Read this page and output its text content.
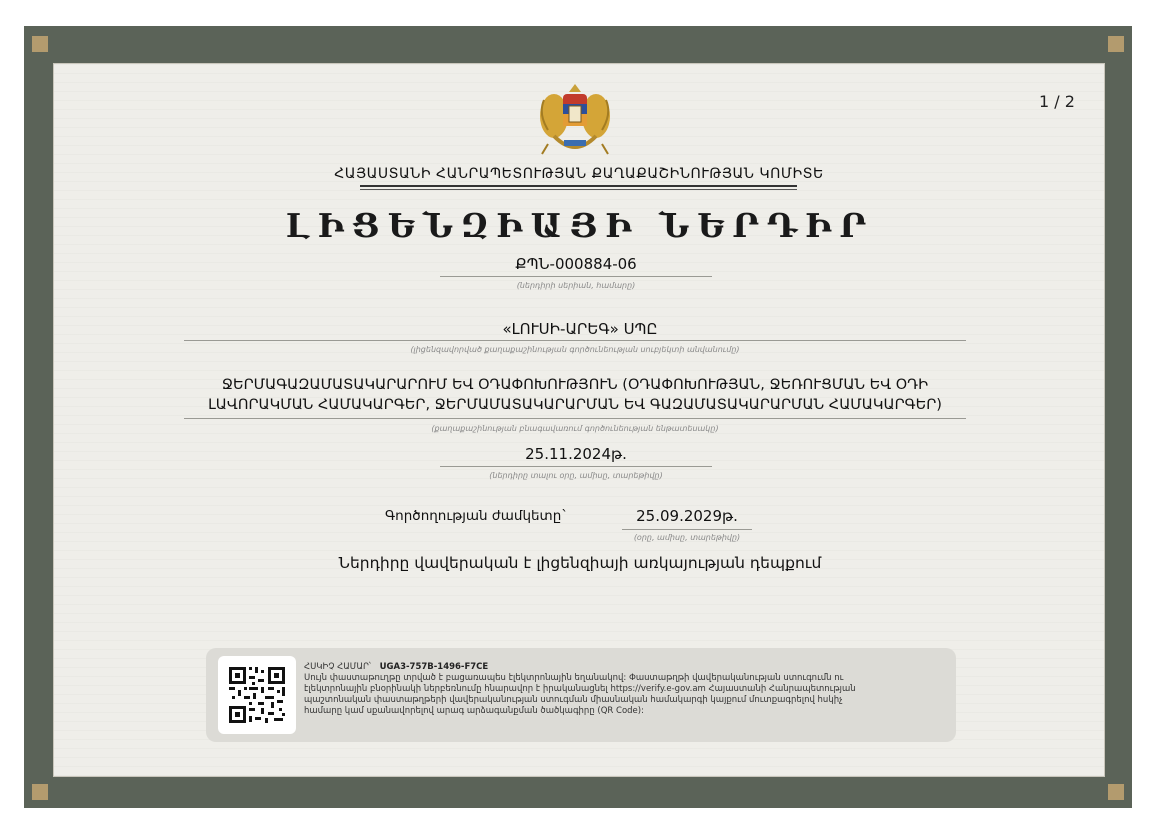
1 / 2
ՀԱՅԱՍՏԱՆԻ ՀԱՆՐԱՊԵՏՈՒԹՅԱՆ ՔԱՂԱՔԱՇԻՆՈՒԹՅԱՆ ԿՈՄԻՏԵ
ԼԻՑԵՆԶԻԱՅԻ ՆԵՐԴԻՐ
ՔՊՆ-000884-06
(ներդիրի սերիան, համարը)
«ԼՈՒՍԻ-ԱՐԵԳ» ՍՊԸ
(լիցենզավորված քաղաքաշինության գործունեության սուբյեկտի անվանումը)
ՋԵՐՄԱԳԱԶԱՄԱՏԱԿԱՐԱՐՈՒՄ ԵՎ ՕԴԱՓՈԽՈՒԹՅՈՒՆ (ՕԴԱՓՈԽՈՒԹՅԱՆ, ՋԵՌՈՒՑՄԱՆ ԵՎ ՕԴԻ
ԼԱՎՈՐԱԿՄԱՆ ՀԱՄԱԿԱՐԳԵՐ, ՋԵՐՄԱՄԱՏԱԿԱՐԱՐՄԱՆ ԵՎ ԳԱԶԱՄԱՏԱԿԱՐԱՐՄԱՆ ՀԱՄԱԿԱՐԳԵՐ)
(քաղաքաշինության բնագավառում գործունեության ենթատեսակը)
25.11.2024թ.
(ներդիրը տալու օրը, ամիսը, տարեթիվը)
Գործողության ժամկետը`	25.09.2029թ.
(օրը, ամիսը, տարեթիվը)
Ներդիրը վավերական է լիցենզիայի առկայության դեպքում
ՀՍԿԻՉ ՀԱՄԱՐ՝ UGA3-757B-1496-F7CE
Սույն փաստաթուղթը տրված է բացառապես էլեկտրոնային եղանակով: Փաստաթղթի վավերականության ստուգումն ու
էլեկտրոնային բնօրինակի ներբեռնումը հնարավոր է իրականացնել https://verify.e-gov.am Հայաստանի Հանրապետության
պաշտոնական փաստաթղթերի վավերականության ստուգման միասնական համակարգի կայքում մուտքագրելով հսկիչ
համարը կամ սքանավորելով արագ արձագանքման ծածկագիրը (QR Code):
